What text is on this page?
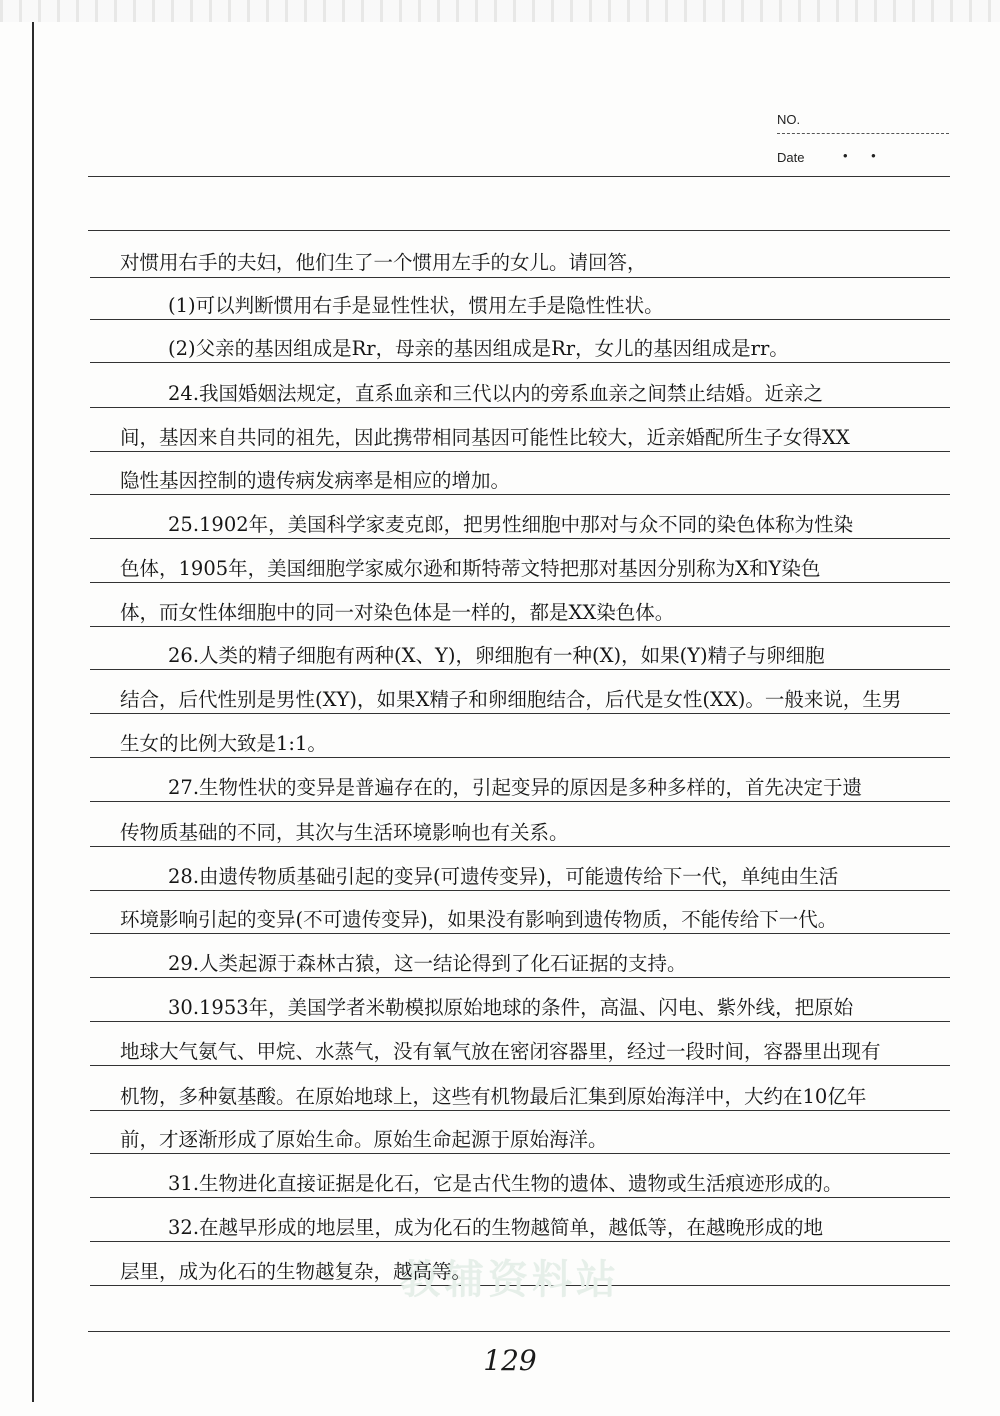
NO.
Date	• •
教辅资料站
对惯用右手的夫妇，他们生了一个惯用左手的女儿。请回答，
(1)可以判断惯用右手是显性性状，惯用左手是隐性性状。
(2)父亲的基因组成是Rr，母亲的基因组成是Rr，女儿的基因组成是rr。
24.我国婚姻法规定，直系血亲和三代以内的旁系血亲之间禁止结婚。近亲之
间，基因来自共同的祖先，因此携带相同基因可能性比较大，近亲婚配所生子女得XX
隐性基因控制的遗传病发病率是相应的增加。
25.1902年，美国科学家麦克郎，把男性细胞中那对与众不同的染色体称为性染
色体，1905年，美国细胞学家威尔逊和斯特蒂文特把那对基因分别称为X和Y染色
体，而女性体细胞中的同一对染色体是一样的，都是XX染色体。
26.人类的精子细胞有两种(X、Y)，卵细胞有一种(X)，如果(Y)精子与卵细胞
结合，后代性别是男性(XY)，如果X精子和卵细胞结合，后代是女性(XX)。一般来说，生男
生女的比例大致是1:1。
27.生物性状的变异是普遍存在的，引起变异的原因是多种多样的，首先决定于遗
传物质基础的不同，其次与生活环境影响也有关系。
28.由遗传物质基础引起的变异(可遗传变异)，可能遗传给下一代，单纯由生活
环境影响引起的变异(不可遗传变异)，如果没有影响到遗传物质，不能传给下一代。
29.人类起源于森林古猿，这一结论得到了化石证据的支持。
30.1953年，美国学者米勒模拟原始地球的条件，高温、闪电、紫外线，把原始
地球大气氨气、甲烷、水蒸气，没有氧气放在密闭容器里，经过一段时间，容器里出现有
机物，多种氨基酸。在原始地球上，这些有机物最后汇集到原始海洋中，大约在10亿年
前，才逐渐形成了原始生命。原始生命起源于原始海洋。
31.生物进化直接证据是化石，它是古代生物的遗体、遗物或生活痕迹形成的。
32.在越早形成的地层里，成为化石的生物越简单，越低等，在越晚形成的地
层里，成为化石的生物越复杂，越高等。
129
